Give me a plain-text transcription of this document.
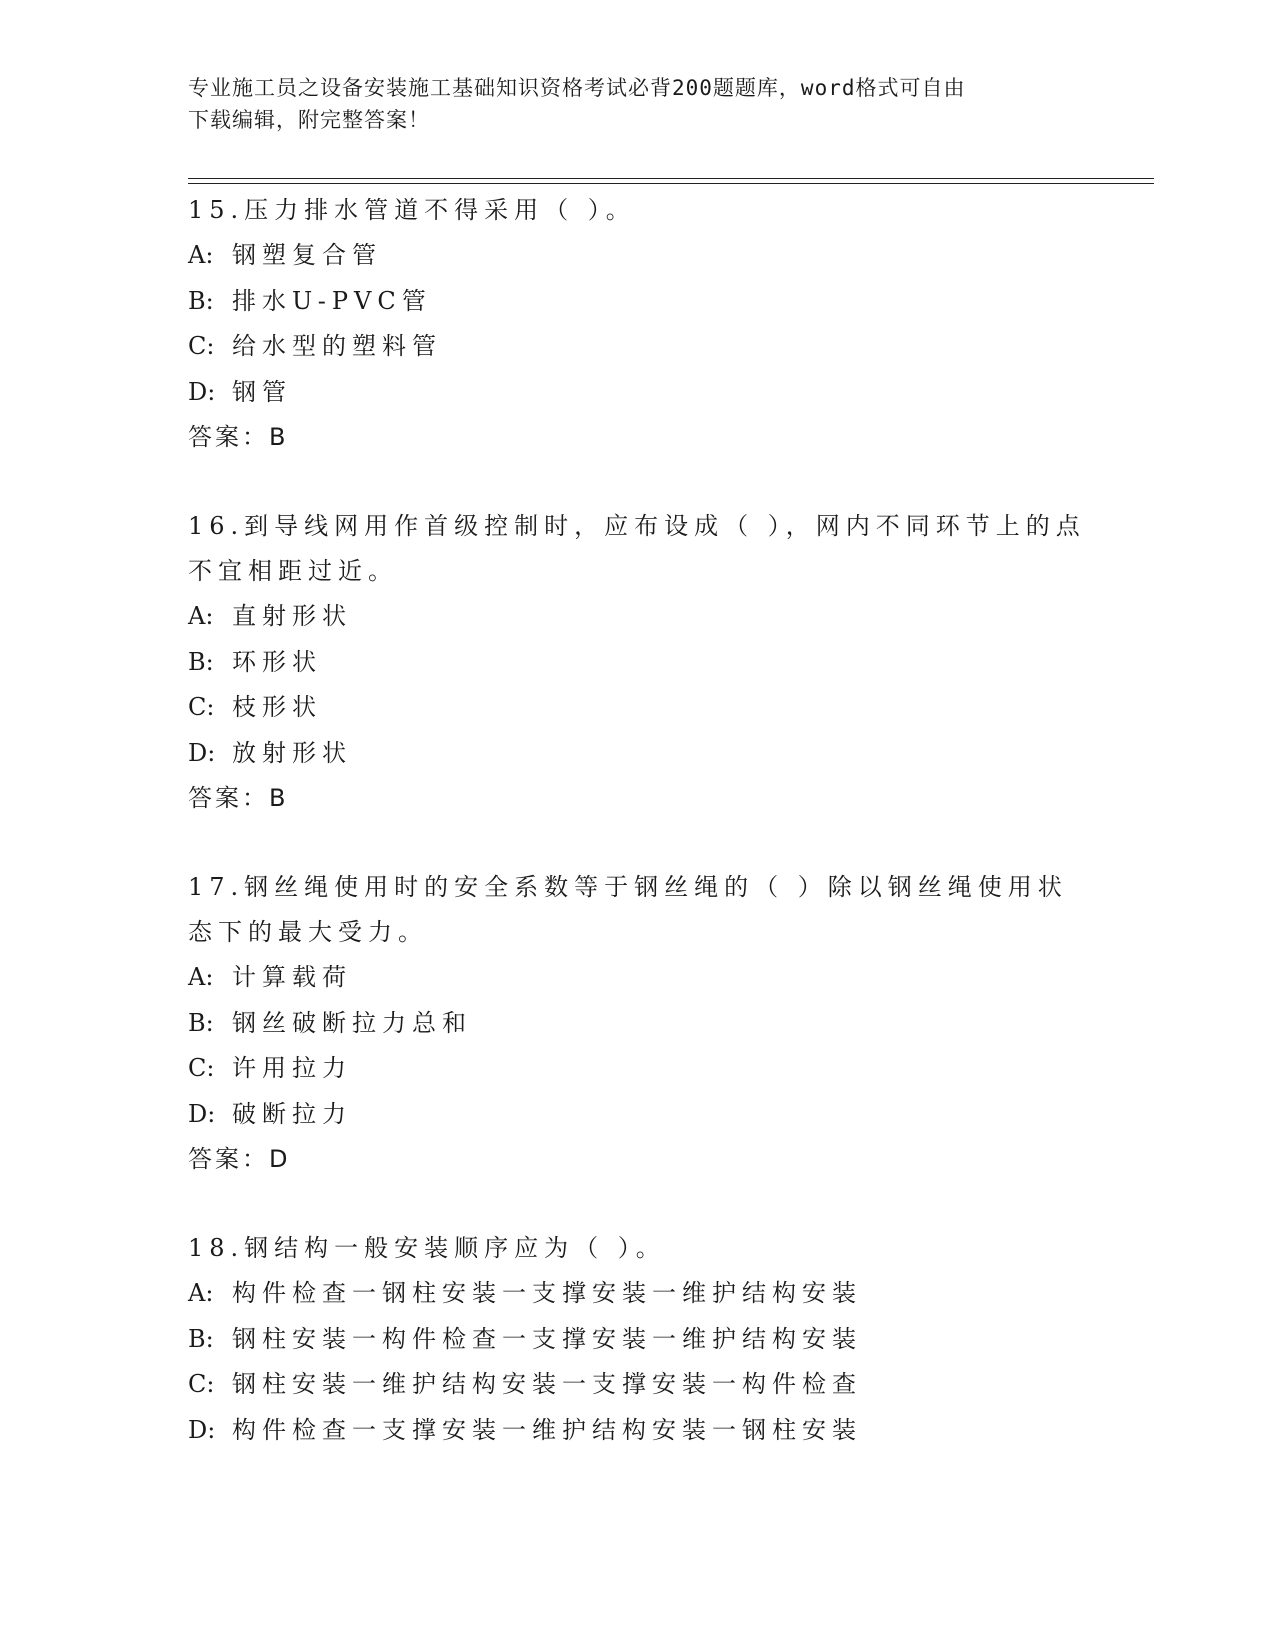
专业施工员之设备安装施工基础知识资格考试必背200题题库，word格式可自由
下载编辑，附完整答案！

15.压力排水管道不得采用（ ）。

A: 钢塑复合管

B: 排水U-PVC管

C: 给水型的塑料管

D: 钢管

答案：B

16.到导线网用作首级控制时，应布设成（ ），网内不同环节上的点不宜相距过近。

A: 直射形状

B: 环形状

C: 枝形状

D: 放射形状

答案：B

17.钢丝绳使用时的安全系数等于钢丝绳的（ ）除以钢丝绳使用状态下的最大受力。

A: 计算载荷

B: 钢丝破断拉力总和

C: 许用拉力

D: 破断拉力

答案：D

18.钢结构一般安装顺序应为（ ）。

A: 构件检查一钢柱安装一支撑安装一维护结构安装

B: 钢柱安装一构件检查一支撑安装一维护结构安装

C: 钢柱安装一维护结构安装一支撑安装一构件检查

D: 构件检查一支撑安装一维护结构安装一钢柱安装
